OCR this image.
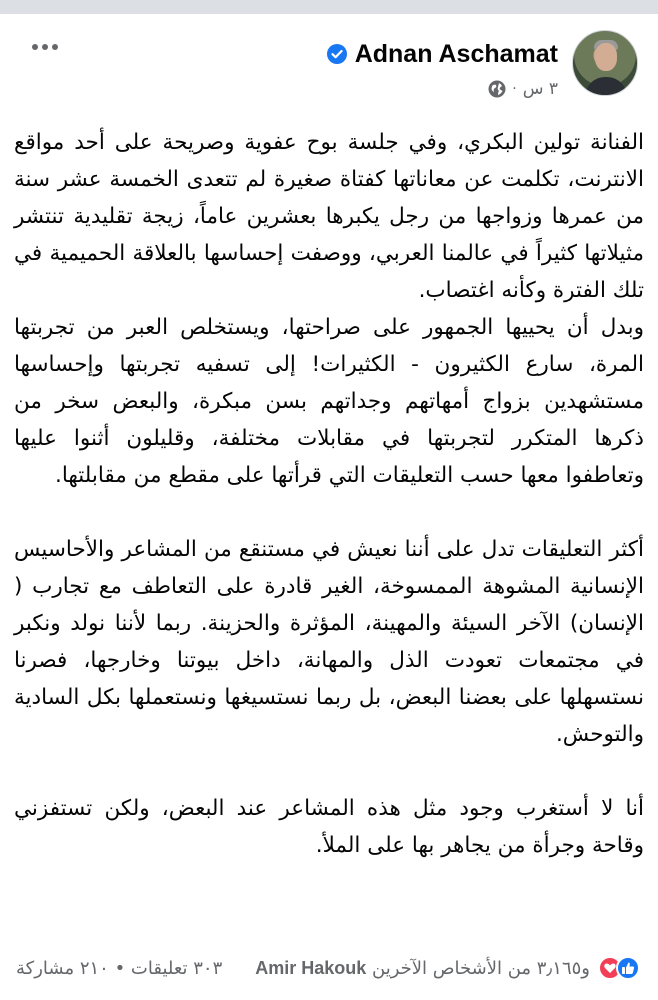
Adnan Aschamat
· ٣ س

الفنانة تولين البكري، وفي جلسة بوح عفوية وصريحة على أحد مواقع الانترنت، تكلمت عن معاناتها كفتاة صغيرة لم تتعدى الخمسة عشر سنة من عمرها وزواجها من رجل يكبرها بعشرين عاماً، زيجة تقليدية تنتشر مثيلاتها كثيراً في عالمنا العربي، ووصفت إحساسها بالعلاقة الحميمية في تلك الفترة وكأنه اغتصاب.

وبدل أن يحييها الجمهور على صراحتها، ويستخلص العبر من تجربتها المرة، سارع الكثيرون - الكثيرات! إلى تسفيه تجربتها وإحساسها مستشهدين بزواج أمهاتهم وجداتهم بسن مبكرة، والبعض سخر من ذكرها المتكرر لتجربتها في مقابلات مختلفة، وقليلون أثنوا عليها وتعاطفوا معها حسب التعليقات التي قرأتها على مقطع من مقابلتها.

أكثر التعليقات تدل على أننا نعيش في مستنقع من المشاعر والأحاسيس الإنسانية المشوهة الممسوخة، الغير قادرة على التعاطف مع تجارب ( الإنسان) الآخر السيئة والمهينة، المؤثرة والحزينة. ربما لأننا نولد ونكبر في مجتمعات تعودت الذل والمهانة، داخل بيوتنا وخارجها، فصرنا نستسهلها على بعضنا البعض، بل ربما نستسيغها ونستعملها بكل السادية والتوحش.

أنا لا أستغرب وجود مثل هذه المشاعر عند البعض، ولكن تستفزني وقاحة وجرأة من يجاهر بها على الملأ.

و٣٫١٦٥ من الأشخاص الآخرين Amir Hakouk
٣٠٣ تعليقات • ٢١٠ مشاركة
